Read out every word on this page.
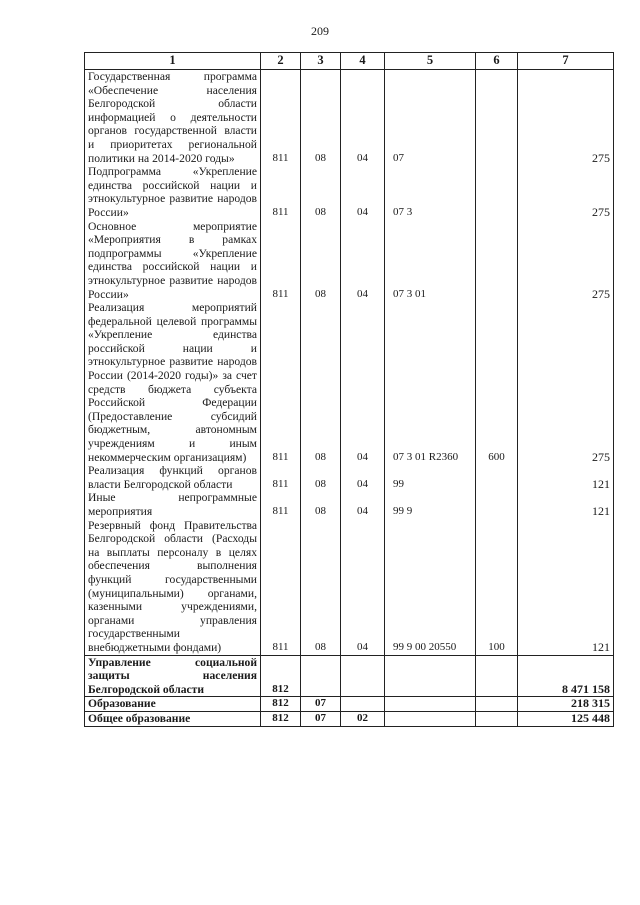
209
1	2	3	4	5	6	7
Государственная программа «Обеспечение населения Белгородской области информацией о деятельности органов государственной власти и приоритетах региональной политики на 2014-2020 годы»	811	08	04	07		275
Подпрограмма «Укрепление единства российской нации и этнокультурное развитие народов России»	811	08	04	07 3		275
Основное мероприятие «Мероприятия в рамках подпрограммы «Укрепление единства российской нации и этнокультурное развитие народов России»	811	08	04	07 3 01		275
Реализация мероприятий федеральной целевой программы «Укрепление единства российской нации и этнокультурное развитие народов России (2014-2020 годы)» за счет средств бюджета субъекта Российской Федерации (Предоставление субсидий бюджетным, автономным учреждениям и иным некоммерческим организациям)	811	08	04	07 3 01 R2360	600	275
Реализация функций органов власти Белгородской области	811	08	04	99		121
Иные непрограммные мероприятия	811	08	04	99 9		121
Резервный фонд Правительства Белгородской области (Расходы на выплаты персоналу в целях обеспечения выполнения функций государственными (муниципальными) органами, казенными учреждениями, органами управления государственными внебюджетными фондами)	811	08	04	99 9 00 20550	100	121
Управление социальной защиты населения Белгородской области	812					8 471 158
Образование	812	07				218 315
Общее образование	812	07	02			125 448
